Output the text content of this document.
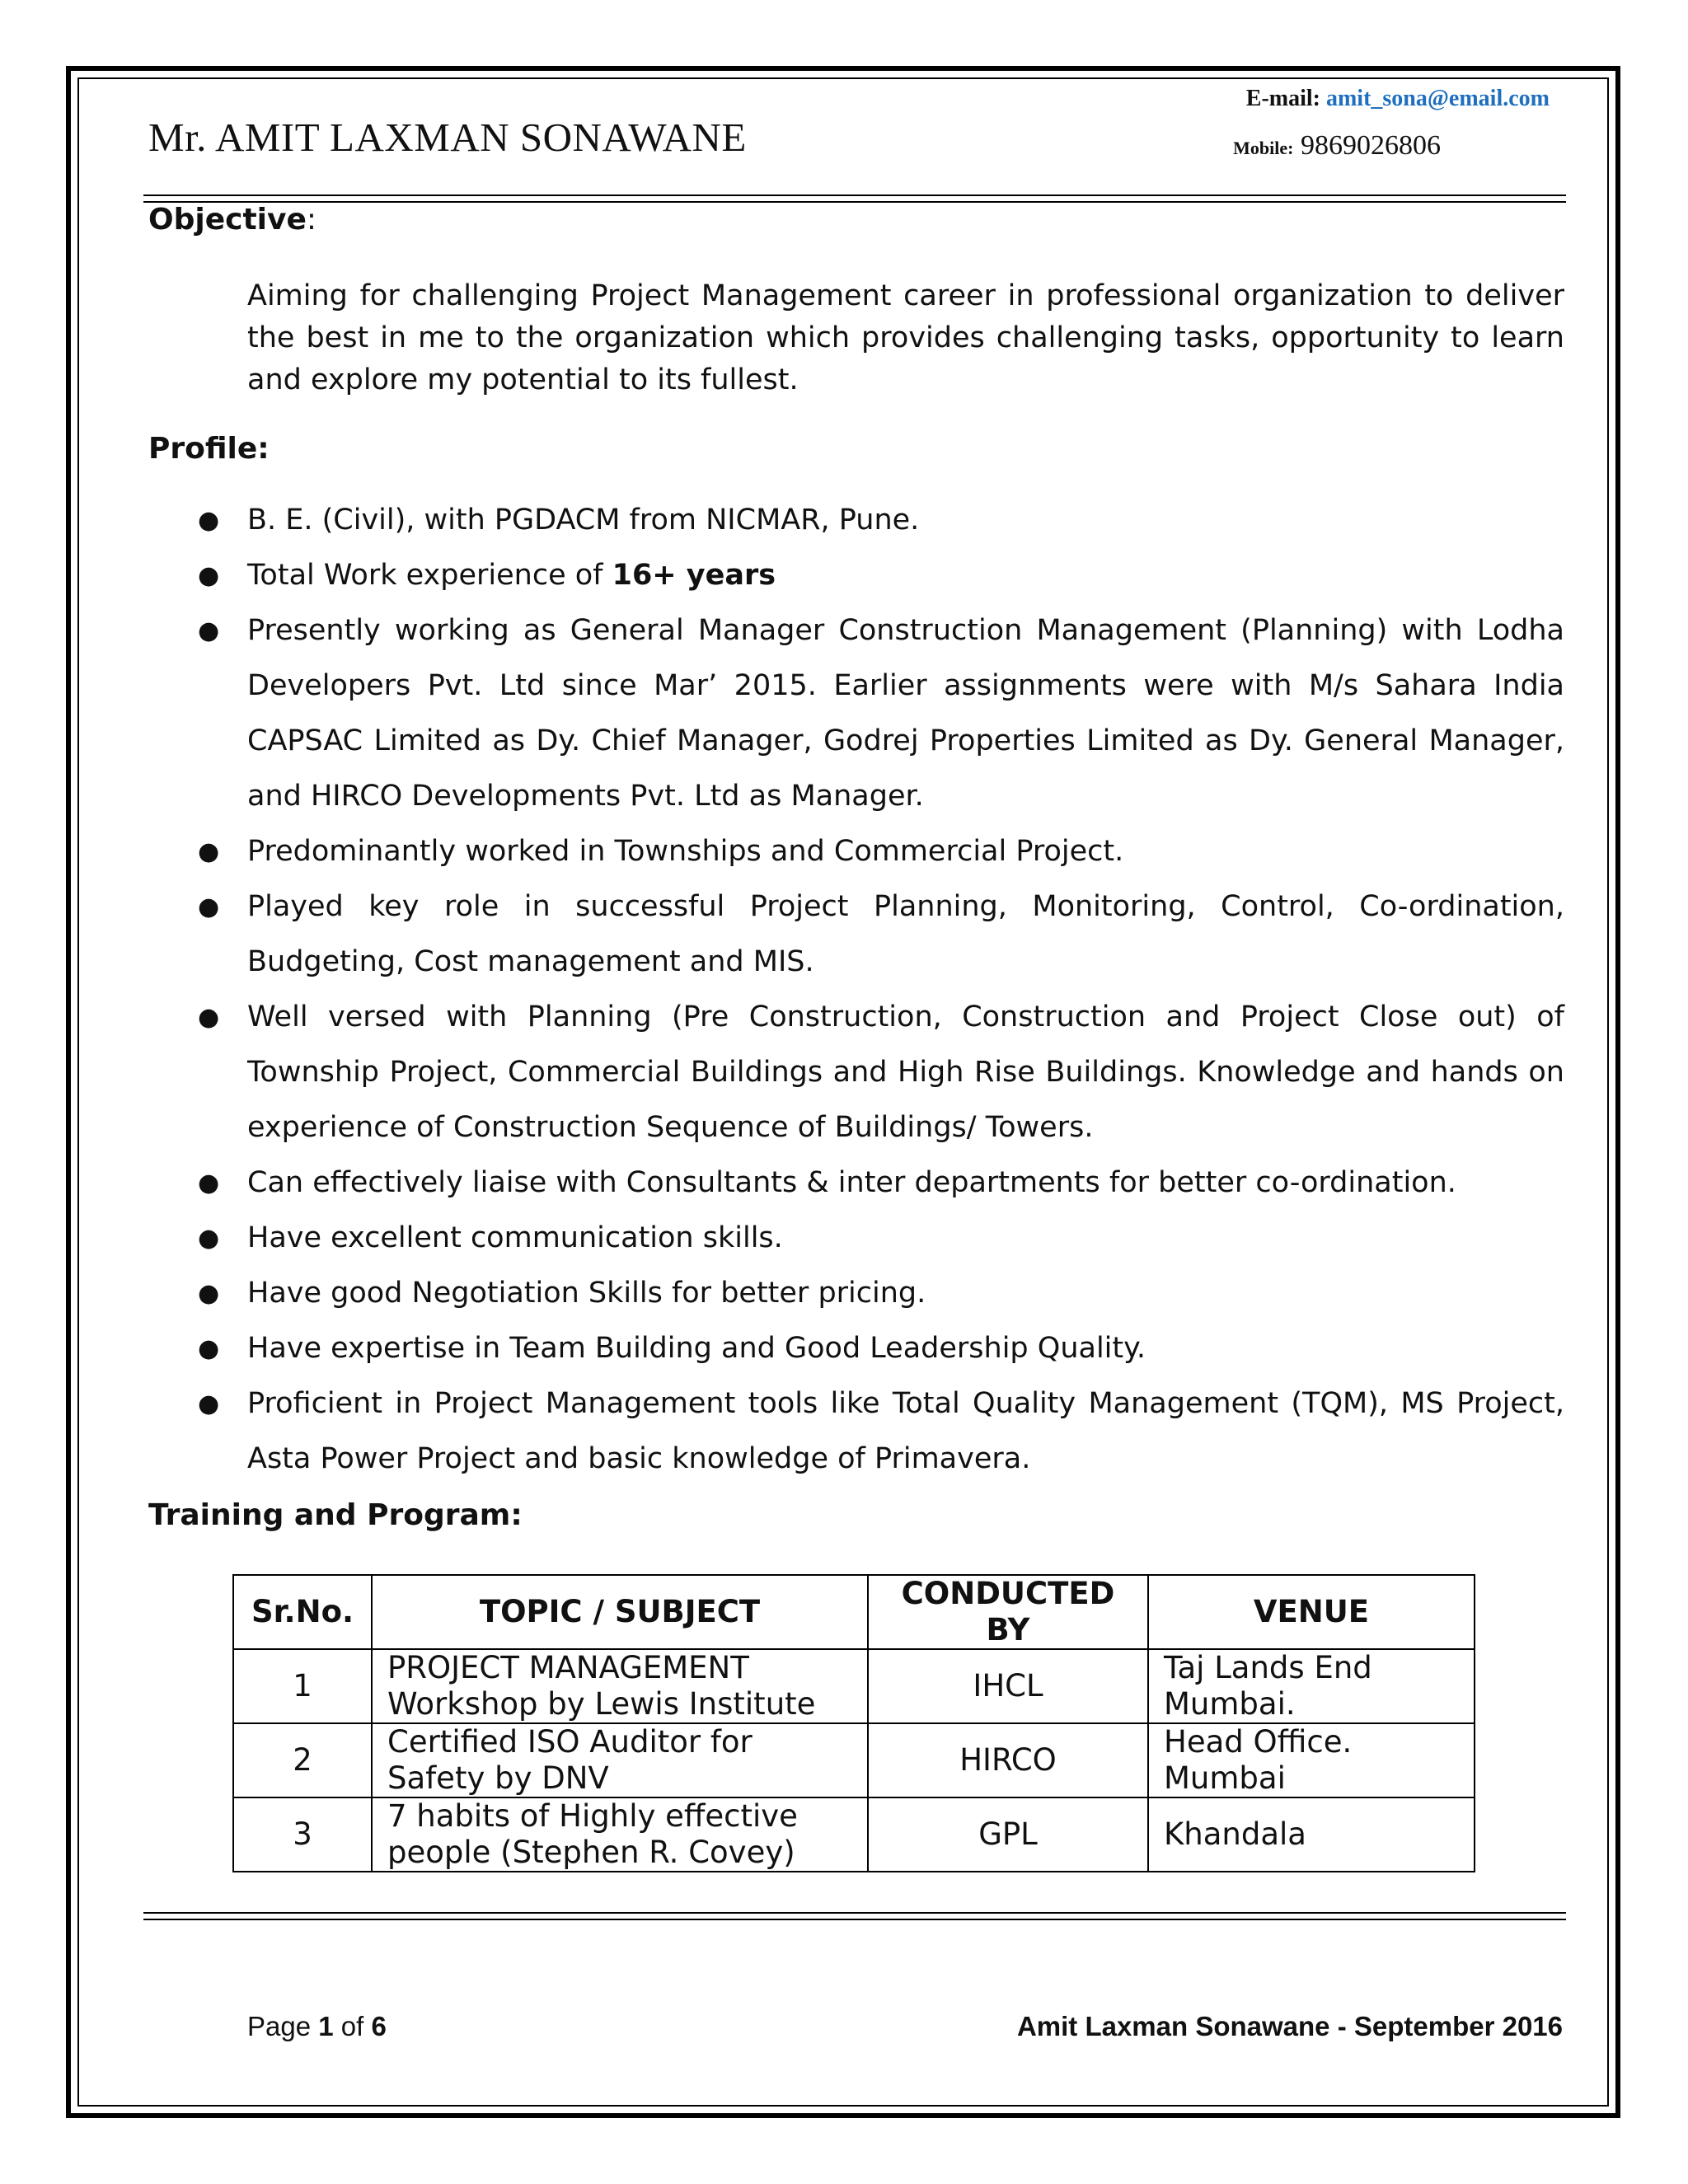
E-mail: amit_sona@email.com
Mr. AMIT LAXMAN SONAWANE	Mobile: 9869026806
Objective:

Aiming for challenging Project Management career in professional organization to deliver the best in me to the organization which provides challenging tasks, opportunity to learn and explore my potential to its fullest.

Profile:
● B. E. (Civil), with PGDACM from NICMAR, Pune.
● Total Work experience of 16+ years
● Presently working as General Manager Construction Management (Planning) with Lodha Developers Pvt. Ltd since Mar’ 2015. Earlier assignments were with M/s Sahara India CAPSAC Limited as Dy. Chief Manager, Godrej Properties Limited as Dy. General Manager, and HIRCO Developments Pvt. Ltd as Manager.
● Predominantly worked in Townships and Commercial Project.
● Played key role in successful Project Planning, Monitoring, Control, Co-ordination, Budgeting, Cost management and MIS.
● Well versed with Planning (Pre Construction, Construction and Project Close out) of Township Project, Commercial Buildings and High Rise Buildings. Knowledge and hands on experience of Construction Sequence of Buildings/ Towers.
● Can effectively liaise with Consultants & inter departments for better co-ordination.
● Have excellent communication skills.
● Have good Negotiation Skills for better pricing.
● Have expertise in Team Building and Good Leadership Quality.
● Proficient in Project Management tools like Total Quality Management (TQM), MS Project, Asta Power Project and basic knowledge of Primavera.
Training and Program:
Sr.No.	TOPIC / SUBJECT	CONDUCTED BY	VENUE
1	PROJECT MANAGEMENT Workshop by Lewis Institute	IHCL	Taj Lands End Mumbai.
2	Certified ISO Auditor for Safety by DNV	HIRCO	Head Office. Mumbai
3	7 habits of Highly effective people (Stephen R. Covey)	GPL	Khandala
Page 1 of 6	Amit Laxman Sonawane - September 2016
